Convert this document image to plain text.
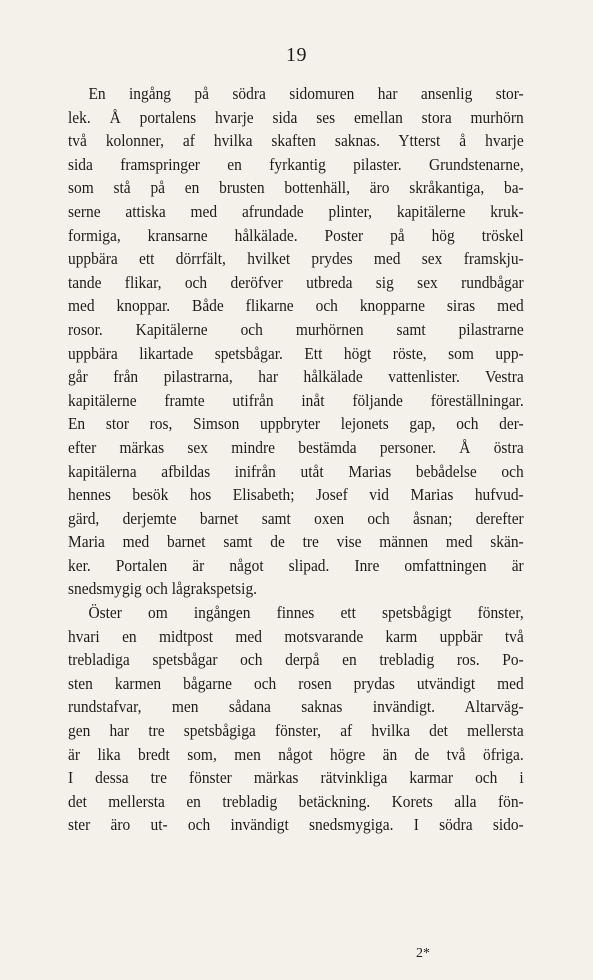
19
En ingång på södra sidomuren har ansenlig stor-
lek. Å portalens hvarje sida ses emellan stora murhörn
två kolonner, af hvilka skaften saknas. Ytterst å hvarje
sida framspringer en fyrkantig pilaster. Grundstenarne,
som stå på en brusten bottenhäll, äro skråkantiga, ba-
serne attiska med afrundade plinter, kapitälerne kruk-
formiga, kransarne hålkälade. Poster på hög tröskel
uppbära ett dörrfält, hvilket prydes med sex framskju-
tande flikar, och deröfver utbreda sig sex rundbågar
med knoppar. Både flikarne och knopparne siras med
rosor. Kapitälerne och murhörnen samt pilastrarne
uppbära likartade spetsbågar. Ett högt röste, som upp-
går från pilastrarna, har hålkälade vattenlister. Vestra
kapitälerne framte utifrån inåt följande föreställningar.
En stor ros, Simson uppbryter lejonets gap, och der-
efter märkas sex mindre bestämda personer. Å östra
kapitälerna afbildas inifrån utåt Marias bebådelse och
hennes besök hos Elisabeth; Josef vid Marias hufvud-
gärd, derjemte barnet samt oxen och åsnan; derefter
Maria med barnet samt de tre vise männen med skän-
ker. Portalen är något slipad. Inre omfattningen är
snedsmygig och lågrakspetsig.
Öster om ingången finnes ett spetsbågigt fönster,
hvari en midtpost med motsvarande karm uppbär två
trebladiga spetsbågar och derpå en trebladig ros. Po-
sten karmen bågarne och rosen prydas utvändigt med
rundstafvar, men sådana saknas invändigt. Altarväg-
gen har tre spetsbågiga fönster, af hvilka det mellersta
är lika bredt som, men något högre än de två öfriga.
I dessa tre fönster märkas rätvinkliga karmar och i
det mellersta en trebladig betäckning. Korets alla fön-
ster äro ut- och invändigt snedsmygiga. I södra sido-
2*
